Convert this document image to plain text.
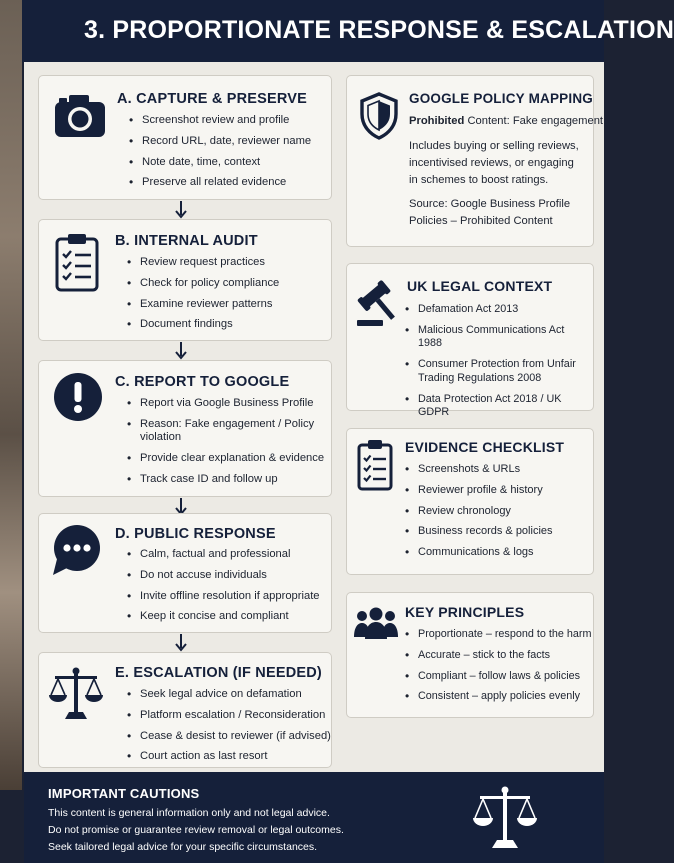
3. PROPORTIONATE RESPONSE & ESCALATION
A. CAPTURE & PRESERVE
• Screenshot review and profile
• Record URL, date, reviewer name
• Note date, time, context
• Preserve all related evidence
B. INTERNAL AUDIT
• Review request practices
• Check for policy compliance
• Examine reviewer patterns
• Document findings
C. REPORT TO GOOGLE
• Report via Google Business Profile
• Reason: Fake engagement / Policy violation
• Provide clear explanation & evidence
• Track case ID and follow up
D. PUBLIC RESPONSE
• Calm, factual and professional
• Do not accuse individuals
• Invite offline resolution if appropriate
• Keep it concise and compliant
E. ESCALATION (IF NEEDED)
• Seek legal advice on defamation
• Platform escalation / Reconsideration
• Cease & desist to reviewer (if advised)
• Court action as last resort
GOOGLE POLICY MAPPING
Prohibited Content: Fake engagement
Includes buying or selling reviews, incentivised reviews, or engaging in schemes to boost ratings.
Source: Google Business Profile Policies – Prohibited Content
UK LEGAL CONTEXT
• Defamation Act 2013
• Malicious Communications Act 1988
• Consumer Protection from Unfair Trading Regulations 2008
• Data Protection Act 2018 / UK GDPR
EVIDENCE CHECKLIST
• Screenshots & URLs
• Reviewer profile & history
• Review chronology
• Business records & policies
• Communications & logs
KEY PRINCIPLES
• Proportionate – respond to the harm
• Accurate – stick to the facts
• Compliant – follow laws & policies
• Consistent – apply policies evenly
IMPORTANT CAUTIONS
This content is general information only and not legal advice.
Do not promise or guarantee review removal or legal outcomes.
Seek tailored legal advice for your specific circumstances.
